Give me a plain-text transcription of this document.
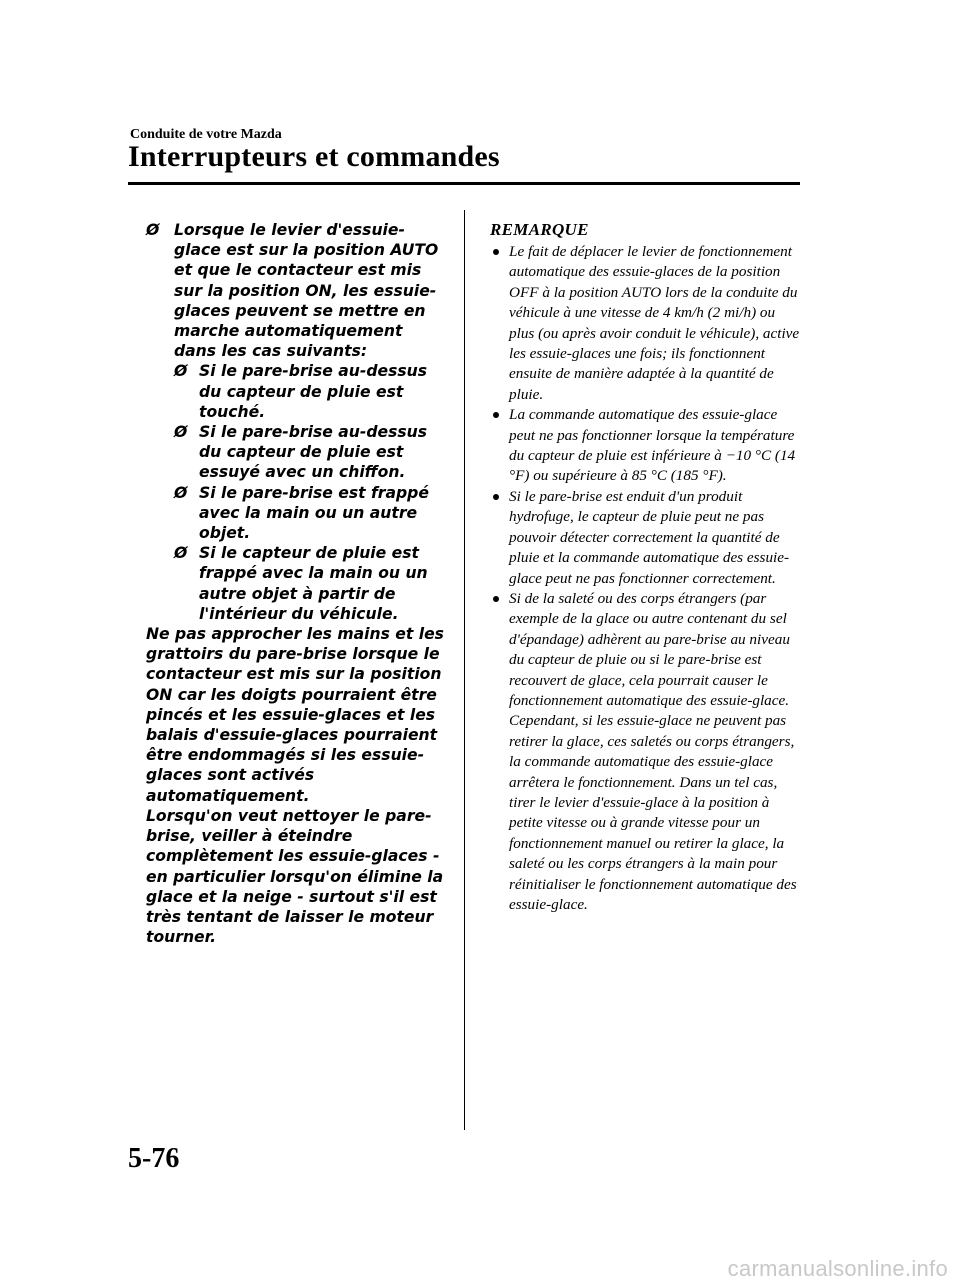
Conduite de votre Mazda
Interrupteurs et commandes
Ø Lorsque le levier d'essuie-glace est sur la position AUTO et que le contacteur est mis sur la position ON, les essuie-glaces peuvent se mettre en marche automatiquement dans les cas suivants:
Ø Si le pare-brise au-dessus du capteur de pluie est touché.
Ø Si le pare-brise au-dessus du capteur de pluie est essuyé avec un chiffon.
Ø Si le pare-brise est frappé avec la main ou un autre objet.
Ø Si le capteur de pluie est frappé avec la main ou un autre objet à partir de l'intérieur du véhicule.

Ne pas approcher les mains et les grattoirs du pare-brise lorsque le contacteur est mis sur la position ON car les doigts pourraient être pincés et les essuie-glaces et les balais d'essuie-glaces pourraient être endommagés si les essuie-glaces sont activés automatiquement.

Lorsqu'on veut nettoyer le pare-brise, veiller à éteindre complètement les essuie-glaces - en particulier lorsqu'on élimine la glace et la neige - surtout s'il est très tentant de laisser le moteur tourner.

REMARQUE
Le fait de déplacer le levier de fonctionnement automatique des essuie-glaces de la position OFF à la position AUTO lors de la conduite du véhicule à une vitesse de 4 km/h (2 mi/h) ou plus (ou après avoir conduit le véhicule), active les essuie-glaces une fois; ils fonctionnent ensuite de manière adaptée à la quantité de pluie.
La commande automatique des essuie-glace peut ne pas fonctionner lorsque la température du capteur de pluie est inférieure à −10 °C (14 °F) ou supérieure à 85 °C (185 °F).
Si le pare-brise est enduit d'un produit hydrofuge, le capteur de pluie peut ne pas pouvoir détecter correctement la quantité de pluie et la commande automatique des essuie-glace peut ne pas fonctionner correctement.
Si de la saleté ou des corps étrangers (par exemple de la glace ou autre contenant du sel d'épandage) adhèrent au pare-brise au niveau du capteur de pluie ou si le pare-brise est recouvert de glace, cela pourrait causer le fonctionnement automatique des essuie-glace. Cependant, si les essuie-glace ne peuvent pas retirer la glace, ces saletés ou corps étrangers, la commande automatique des essuie-glace arrêtera le fonctionnement. Dans un tel cas, tirer le levier d'essuie-glace à la position à petite vitesse ou à grande vitesse pour un fonctionnement manuel ou retirer la glace, la saleté ou les corps étrangers à la main pour réinitialiser le fonctionnement automatique des essuie-glace.
5-76
carmanualsonline.info
